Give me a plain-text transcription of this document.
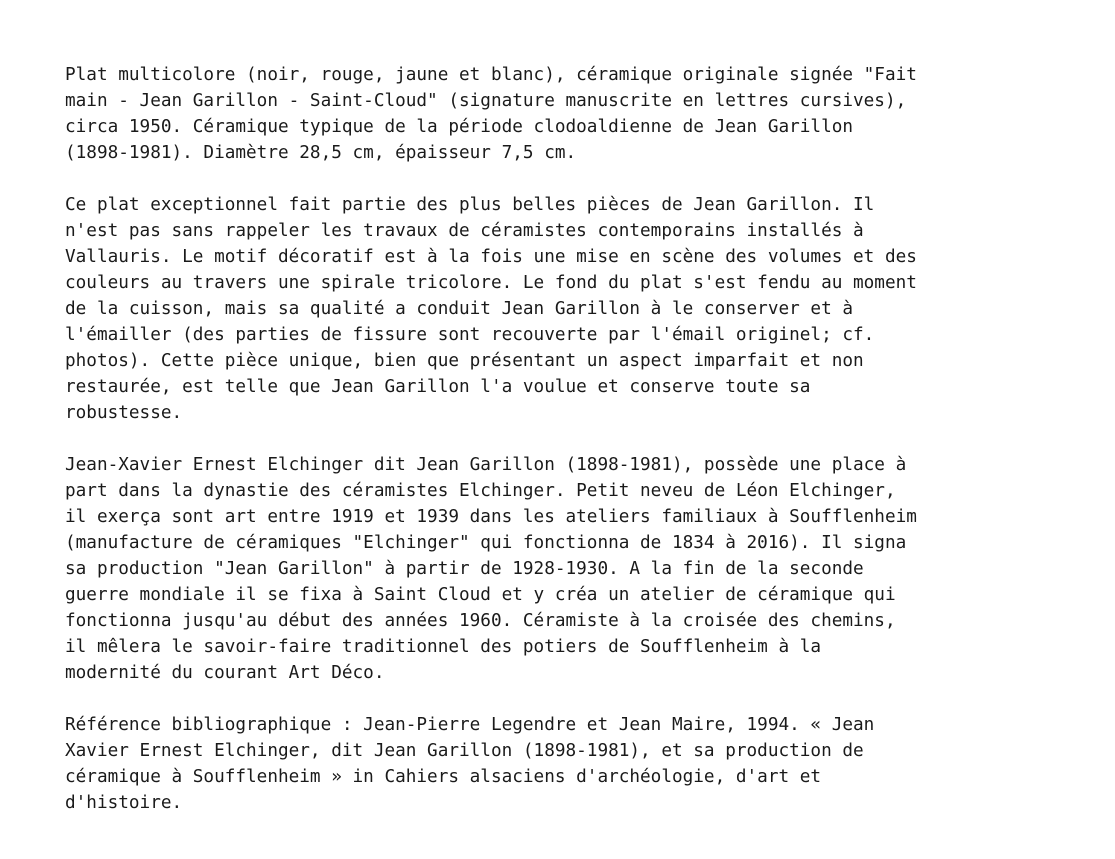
Plat multicolore (noir, rouge, jaune et blanc), céramique originale signée "Fait
main - Jean Garillon - Saint-Cloud" (signature manuscrite en lettres cursives),
circa 1950. Céramique typique de la période clodoaldienne de Jean Garillon
(1898-1981). Diamètre 28,5 cm, épaisseur 7,5 cm.

Ce plat exceptionnel fait partie des plus belles pièces de Jean Garillon. Il
n'est pas sans rappeler les travaux de céramistes contemporains installés à
Vallauris. Le motif décoratif est à la fois une mise en scène des volumes et des
couleurs au travers une spirale tricolore. Le fond du plat s'est fendu au moment
de la cuisson, mais sa qualité a conduit Jean Garillon à le conserver et à
l'émailler (des parties de fissure sont recouverte par l'émail originel; cf.
photos). Cette pièce unique, bien que présentant un aspect imparfait et non
restaurée, est telle que Jean Garillon l'a voulue et conserve toute sa
robustesse.

Jean-Xavier Ernest Elchinger dit Jean Garillon (1898-1981), possède une place à
part dans la dynastie des céramistes Elchinger. Petit neveu de Léon Elchinger,
il exerça sont art entre 1919 et 1939 dans les ateliers familiaux à Soufflenheim
(manufacture de céramiques "Elchinger" qui fonctionna de 1834 à 2016). Il signa
sa production "Jean Garillon" à partir de 1928-1930. A la fin de la seconde
guerre mondiale il se fixa à Saint Cloud et y créa un atelier de céramique qui
fonctionna jusqu'au début des années 1960. Céramiste à la croisée des chemins,
il mêlera le savoir-faire traditionnel des potiers de Soufflenheim à la
modernité du courant Art Déco.

Référence bibliographique : Jean-Pierre Legendre et Jean Maire, 1994. « Jean
Xavier Ernest Elchinger, dit Jean Garillon (1898-1981), et sa production de
céramique à Soufflenheim » in Cahiers alsaciens d'archéologie, d'art et
d'histoire.
